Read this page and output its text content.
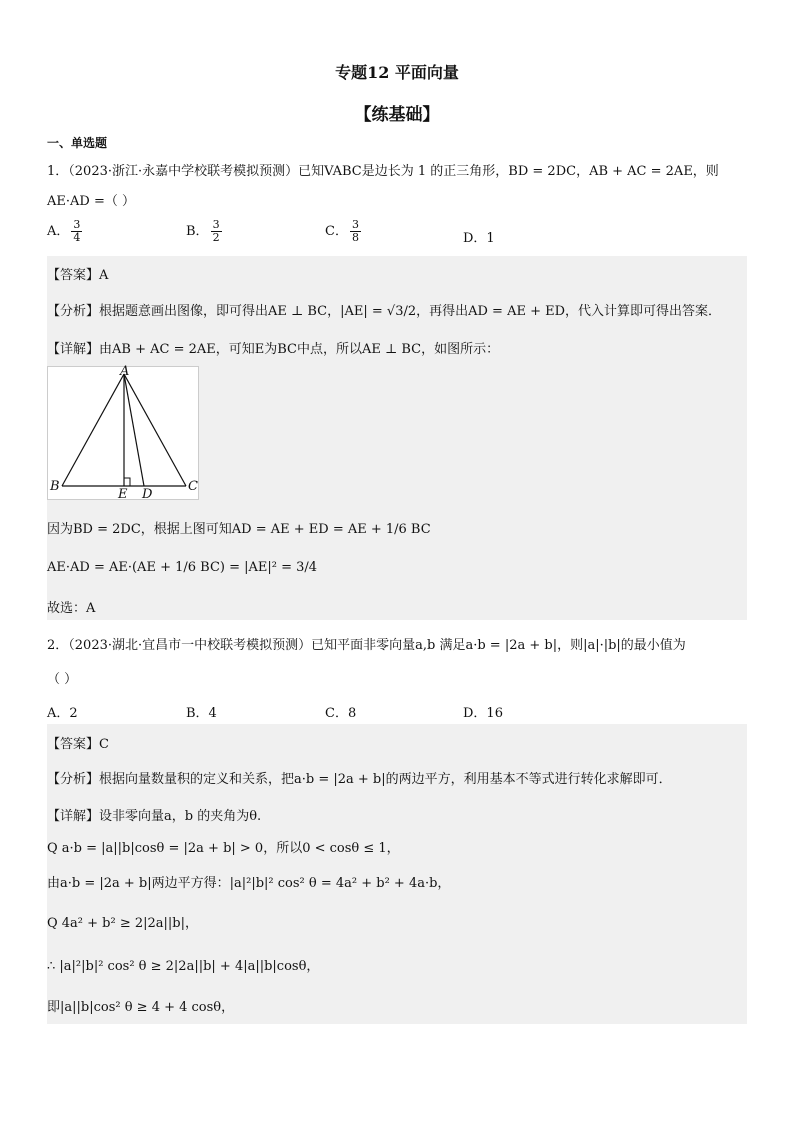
专题12 平面向量
【练基础】
一、单选题
1．（2023·浙江·永嘉中学校联考模拟预测）已知VABC是边长为 1 的正三角形，BD = 2DC，AB + AC = 2AE，则
AE·AD =（ ）
A． $\frac{3}{4}$	B． $\frac{3}{2}$	C． $\frac{3}{8}$	D．1
【答案】A
【分析】根据题意画出图像，即可得出AE ⊥ BC，|AE| = √3/2，再得出AD = AE + ED，代入计算即可得出答案．
【详解】由AB + AC = 2AE，可知E为BC中点，所以AE ⊥ BC，如图所示：
A
B	C
E D
因为BD = 2DC，根据上图可知AD = AE + ED = AE + 1/6 BC
AE·AD = AE·(AE + 1/6 BC) = |AE|² = 3/4
故选：A
2．（2023·湖北·宜昌市一中校联考模拟预测）已知平面非零向量a,b 满足a·b = |2a + b|，则|a|·|b|的最小值为
（ ）
A．2	B．4	C．8	D．16
【答案】C
【分析】根据向量数量积的定义和关系，把a·b = |2a + b|的两边平方，利用基本不等式进行转化求解即可．
【详解】设非零向量a，b 的夹角为θ.
Q a·b = |a||b|cosθ = |2a + b| > 0，所以0 < cosθ ≤ 1，
由a·b = |2a + b|两边平方得：|a|²|b|² cos² θ = 4a² + b² + 4a·b，
Q 4a² + b² ≥ 2|2a||b|，
∴ |a|²|b|² cos² θ ≥ 2|2a||b| + 4|a||b|cosθ，
即|a||b|cos² θ ≥ 4 + 4 cosθ，
